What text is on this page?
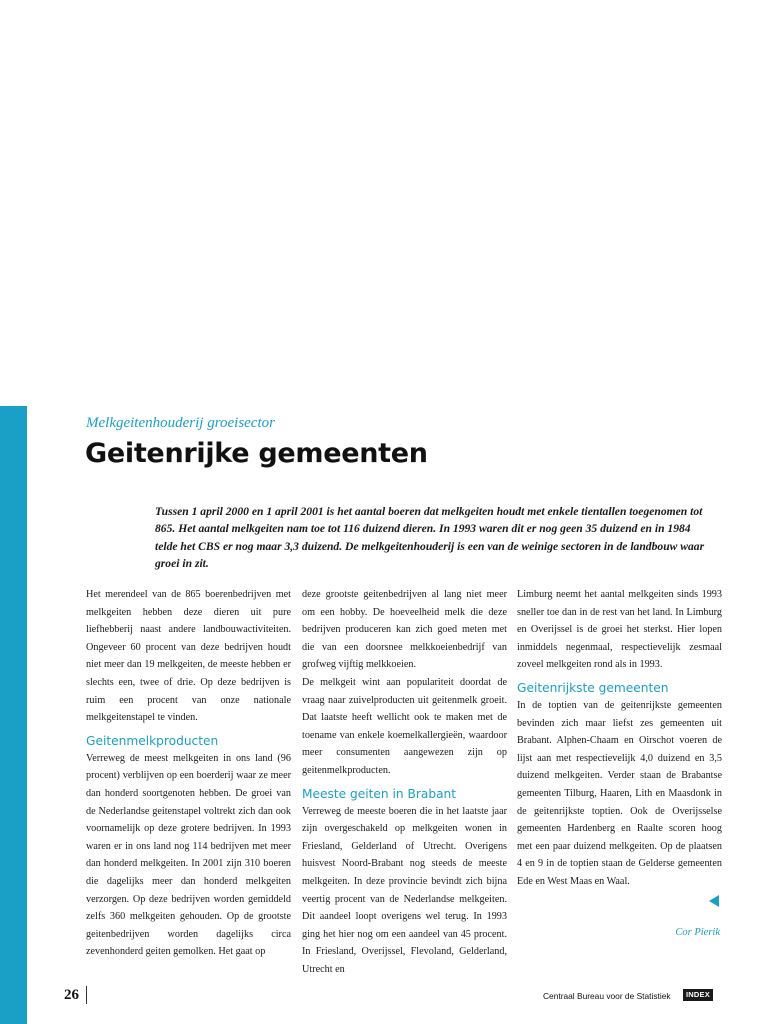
Melkgeitenhouderij groeisector
Geitenrijke gemeenten
Tussen 1 april 2000 en 1 april 2001 is het aantal boeren dat melkgeiten houdt met enkele tientallen toegenomen tot 865. Het aantal melkgeiten nam toe tot 116 duizend dieren. In 1993 waren dit er nog geen 35 duizend en in 1984 telde het CBS er nog maar 3,3 duizend. De melkgeitenhouderij is een van de weinige sectoren in de landbouw waar groei in zit.

Het merendeel van de 865 boerenbedrijven met melkgeiten hebben deze dieren uit pure liefhebberij naast andere landbouwactiviteiten. Ongeveer 60 procent van deze bedrijven houdt niet meer dan 19 melkgeiten, de meeste hebben er slechts een, twee of drie. Op deze bedrijven is ruim een procent van onze nationale melkgeitenstapel te vinden.

Geitenmelkproducten

Verreweg de meest melkgeiten in ons land (96 procent) verblijven op een boerderij waar ze meer dan honderd soortgenoten hebben. De groei van de Nederlandse geitenstapel voltrekt zich dan ook voornamelijk op deze grotere bedrijven. In 1993 waren er in ons land nog 114 bedrijven met meer dan honderd melkgeiten. In 2001 zijn 310 boeren die dagelijks meer dan honderd melkgeiten verzorgen. Op deze bedrijven worden gemiddeld zelfs 360 melkgeiten gehouden. Op de grootste geitenbedrijven worden dagelijks circa zevenhonderd geiten gemolken. Het gaat op

deze grootste geitenbedrijven al lang niet meer om een hobby. De hoeveelheid melk die deze bedrijven produceren kan zich goed meten met die van een doorsnee melkkoeienbedrijf van grofweg vijftig melkkoeien.

De melkgeit wint aan populariteit doordat de vraag naar zuivelproducten uit geitenmelk groeit. Dat laatste heeft wellicht ook te maken met de toename van enkele koemelkallergieën, waardoor meer consumenten aangewezen zijn op geitenmelkproducten.

Meeste geiten in Brabant

Verreweg de meeste boeren die in het laatste jaar zijn overgeschakeld op melkgeiten wonen in Friesland, Gelderland of Utrecht. Overigens huisvest Noord-Brabant nog steeds de meeste melkgeiten. In deze provincie bevindt zich bijna veertig procent van de Nederlandse melkgeiten. Dit aandeel loopt overigens wel terug. In 1993 ging het hier nog om een aandeel van 45 procent. In Friesland, Overijssel, Flevoland, Gelderland, Utrecht en

Limburg neemt het aantal melkgeiten sinds 1993 sneller toe dan in de rest van het land. In Limburg en Overijssel is de groei het sterkst. Hier lopen inmiddels negenmaal, respectievelijk zesmaal zoveel melkgeiten rond als in 1993.

Geitenrijkste gemeenten

In de toptien van de geitenrijkste gemeenten bevinden zich maar liefst zes gemeenten uit Brabant. Alphen-Chaam en Oirschot voeren de lijst aan met respectievelijk 4,0 duizend en 3,5 duizend melkgeiten. Verder staan de Brabantse gemeenten Tilburg, Haaren, Lith en Maasdonk in de geitenrijkste toptien. Ook de Overijsselse gemeenten Hardenberg en Raalte scoren hoog met een paar duizend melkgeiten. Op de plaatsen 4 en 9 in de toptien staan de Gelderse gemeenten Ede en West Maas en Waal.

Cor Pierik
26	Centraal Bureau voor de Statistiek	INDEX
